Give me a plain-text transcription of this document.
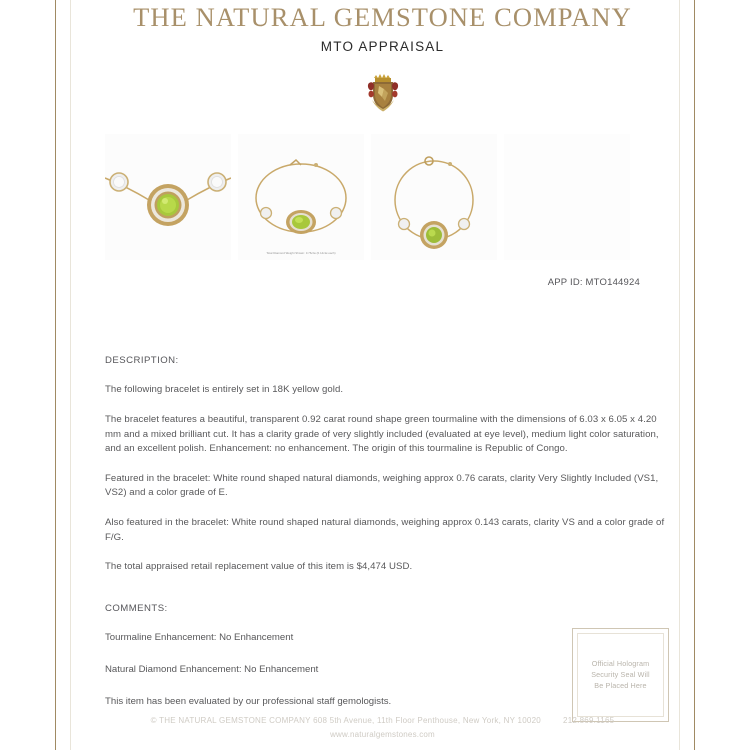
THE NATURAL GEMSTONE COMPANY
MTO APPRAISAL
Total Diamond Weight Shown: 0.76ctw (0.14ctw each)
APP ID: MTO144924
DESCRIPTION:

The following bracelet is entirely set in 18K yellow gold.

The bracelet features a beautiful, transparent 0.92 carat round shape green tourmaline with the dimensions of 6.03 x 6.05 x 4.20 mm and a mixed brilliant cut. It has a clarity grade of very slightly included (evaluated at eye level), medium light color saturation, and an excellent polish. Enhancement: no enhancement. The origin of this tourmaline is Republic of Congo.

Featured in the bracelet: White round shaped natural diamonds, weighing approx 0.76 carats, clarity Very Slightly Included (VS1, VS2) and a color grade of E.

Also featured in the bracelet: White round shaped natural diamonds, weighing approx 0.143 carats, clarity VS and a color grade of F/G.

The total appraised retail replacement value of this item is $4,474 USD.

COMMENTS:

Tourmaline Enhancement: No Enhancement

Natural Diamond Enhancement: No Enhancement

This item has been evaluated by our professional staff gemologists.

Official Hologram
Security Seal Will
Be Placed Here
© THE NATURAL GEMSTONE COMPANY 608 5th Avenue, 11th Floor Penthouse, New York, NY 10020	212.869.1165
www.naturalgemstones.com
